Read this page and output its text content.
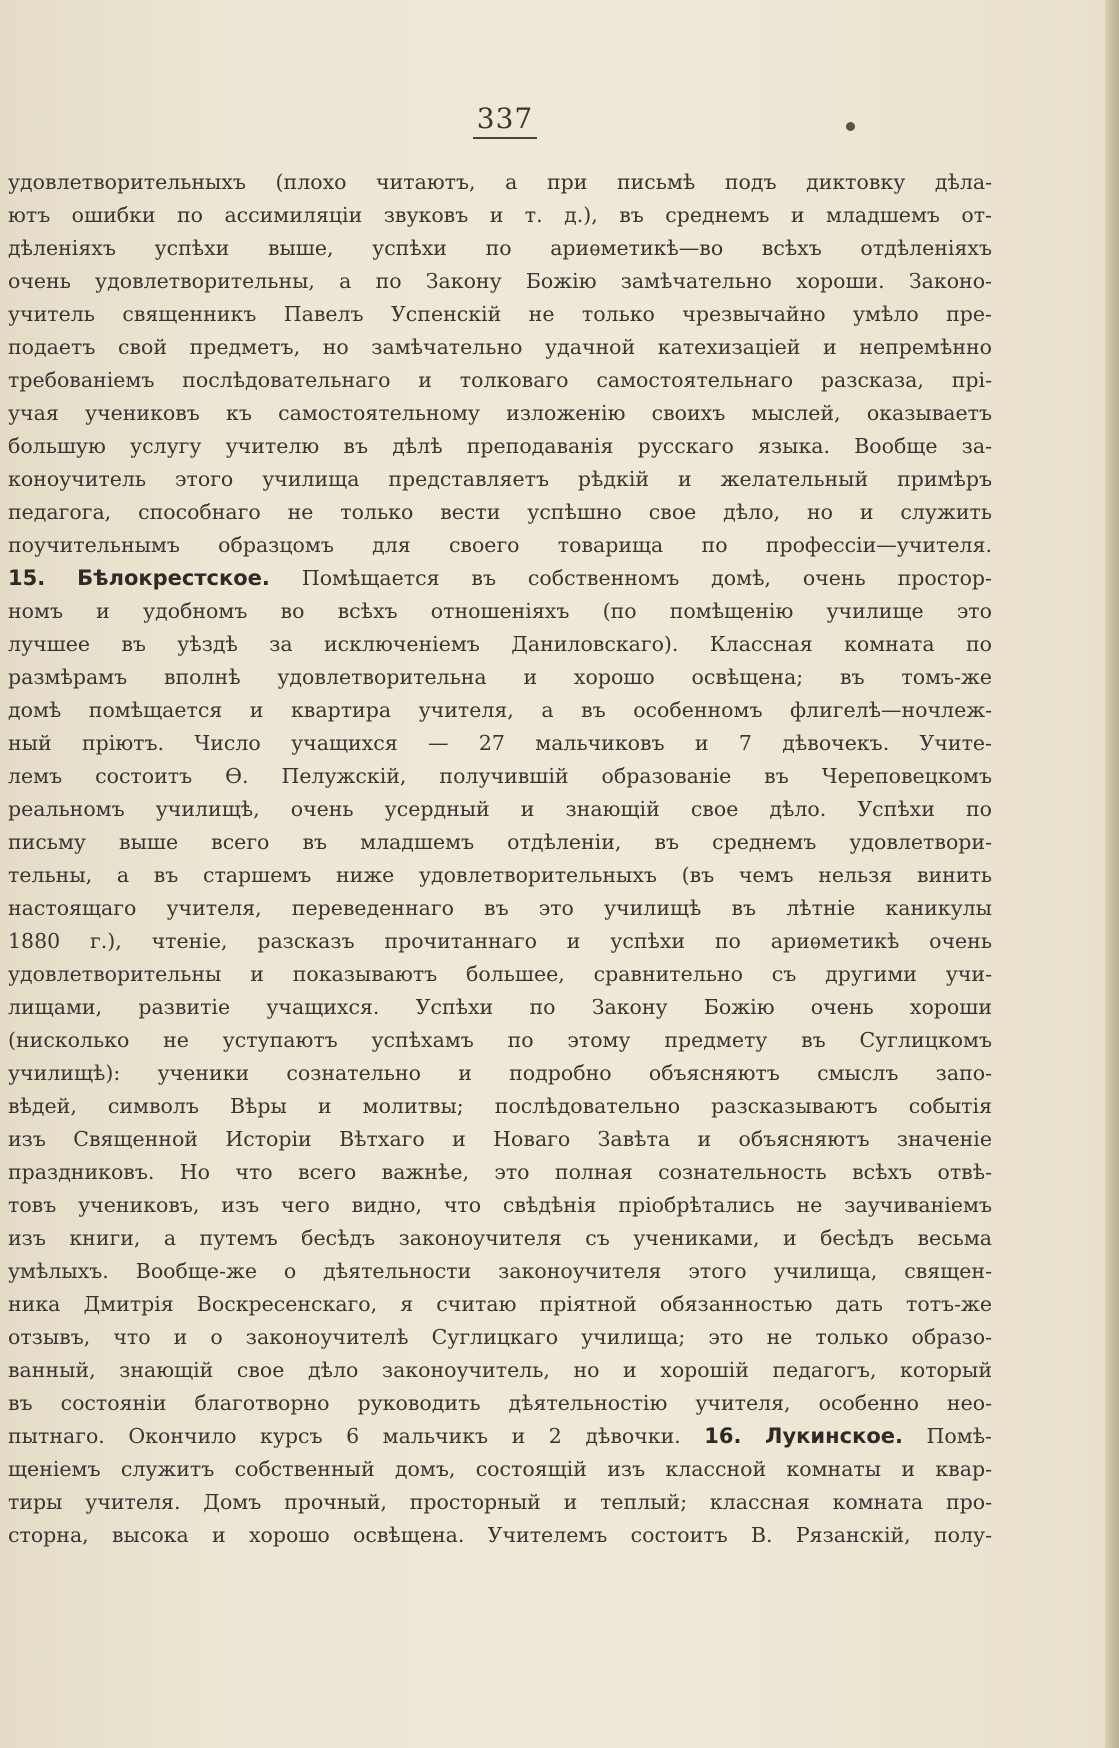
337
удовлетворительныхъ (плохо читаютъ, а при письмѣ подъ диктовку дѣла-
ютъ ошибки по ассимиляціи звуковъ и т. д.), въ среднемъ и младшемъ от-
дѣленіяхъ успѣхи выше, успѣхи по ариѳметикѣ—во всѣхъ отдѣленіяхъ
очень удовлетворительны, а по Закону Божію замѣчательно хороши. Законо-
учитель священникъ Павелъ Успенскій не только чрезвычайно умѣло пре-
подаетъ свой предметъ, но замѣчательно удачной катехизаціей и непремѣнно
требованіемъ послѣдовательнаго и толковаго самостоятельнаго разсказа, прі-
учая учениковъ къ самостоятельному изложенію своихъ мыслей, оказываетъ
большую услугу учителю въ дѣлѣ преподаванія русскаго языка. Вообще за-
коноучитель этого училища представляетъ рѣдкій и желательный примѣръ
педагога, способнаго не только вести успѣшно свое дѣло, но и служить
поучительнымъ образцомъ для своего товарища по профессіи—учителя.
15. Бѣлокрестское. Помѣщается въ собственномъ домѣ, очень простор-
номъ и удобномъ во всѣхъ отношеніяхъ (по помѣщенію училище это
лучшее въ уѣздѣ за исключеніемъ Даниловскаго). Классная комната по
размѣрамъ вполнѣ удовлетворительна и хорошо освѣщена; въ томъ-же
домѣ помѣщается и квартира учителя, а въ особенномъ флигелѣ—ночлеж-
ный пріютъ. Число учащихся — 27 мальчиковъ и 7 дѣвочекъ. Учите-
лемъ состоитъ Ѳ. Пелужскій, получившій образованіе въ Череповецкомъ
реальномъ училищѣ, очень усердный и знающій свое дѣло. Успѣхи по
письму выше всего въ младшемъ отдѣленіи, въ среднемъ удовлетвори-
тельны, а въ старшемъ ниже удовлетворительныхъ (въ чемъ нельзя винить
настоящаго учителя, переведеннаго въ это училищѣ въ лѣтніе каникулы
1880 г.), чтеніе, разсказъ прочитаннаго и успѣхи по ариѳметикѣ очень
удовлетворительны и показываютъ большее, сравнительно съ другими учи-
лищами, развитіе учащихся. Успѣхи по Закону Божію очень хороши
(нисколько не уступаютъ успѣхамъ по этому предмету въ Суглицкомъ
училищѣ): ученики сознательно и подробно объясняютъ смыслъ запо-
вѣдей, символъ Вѣры и молитвы; послѣдовательно разсказываютъ событія
изъ Священной Исторіи Вѣтхаго и Новаго Завѣта и объясняютъ значеніе
праздниковъ. Но что всего важнѣе, это полная сознательность всѣхъ отвѣ-
товъ учениковъ, изъ чего видно, что свѣдѣнія пріобрѣтались не заучиваніемъ
изъ книги, а путемъ бесѣдъ законоучителя съ учениками, и бесѣдъ весьма
умѣлыхъ. Вообще-же о дѣятельности законоучителя этого училища, священ-
ника Дмитрія Воскресенскаго, я считаю пріятной обязанностью дать тотъ-же
отзывъ, что и о законоучителѣ Суглицкаго училища; это не только образо-
ванный, знающій свое дѣло законоучитель, но и хорошій педагогъ, который
въ состояніи благотворно руководить дѣятельностію учителя, особенно нео-
пытнаго. Окончило курсъ 6 мальчикъ и 2 дѣвочки. 16. Лукинское. Помѣ-
щеніемъ служитъ собственный домъ, состоящій изъ классной комнаты и квар-
тиры учителя. Домъ прочный, просторный и теплый; классная комната про-
сторна, высока и хорошо освѣщена. Учителемъ состоитъ В. Рязанскій, полу-
